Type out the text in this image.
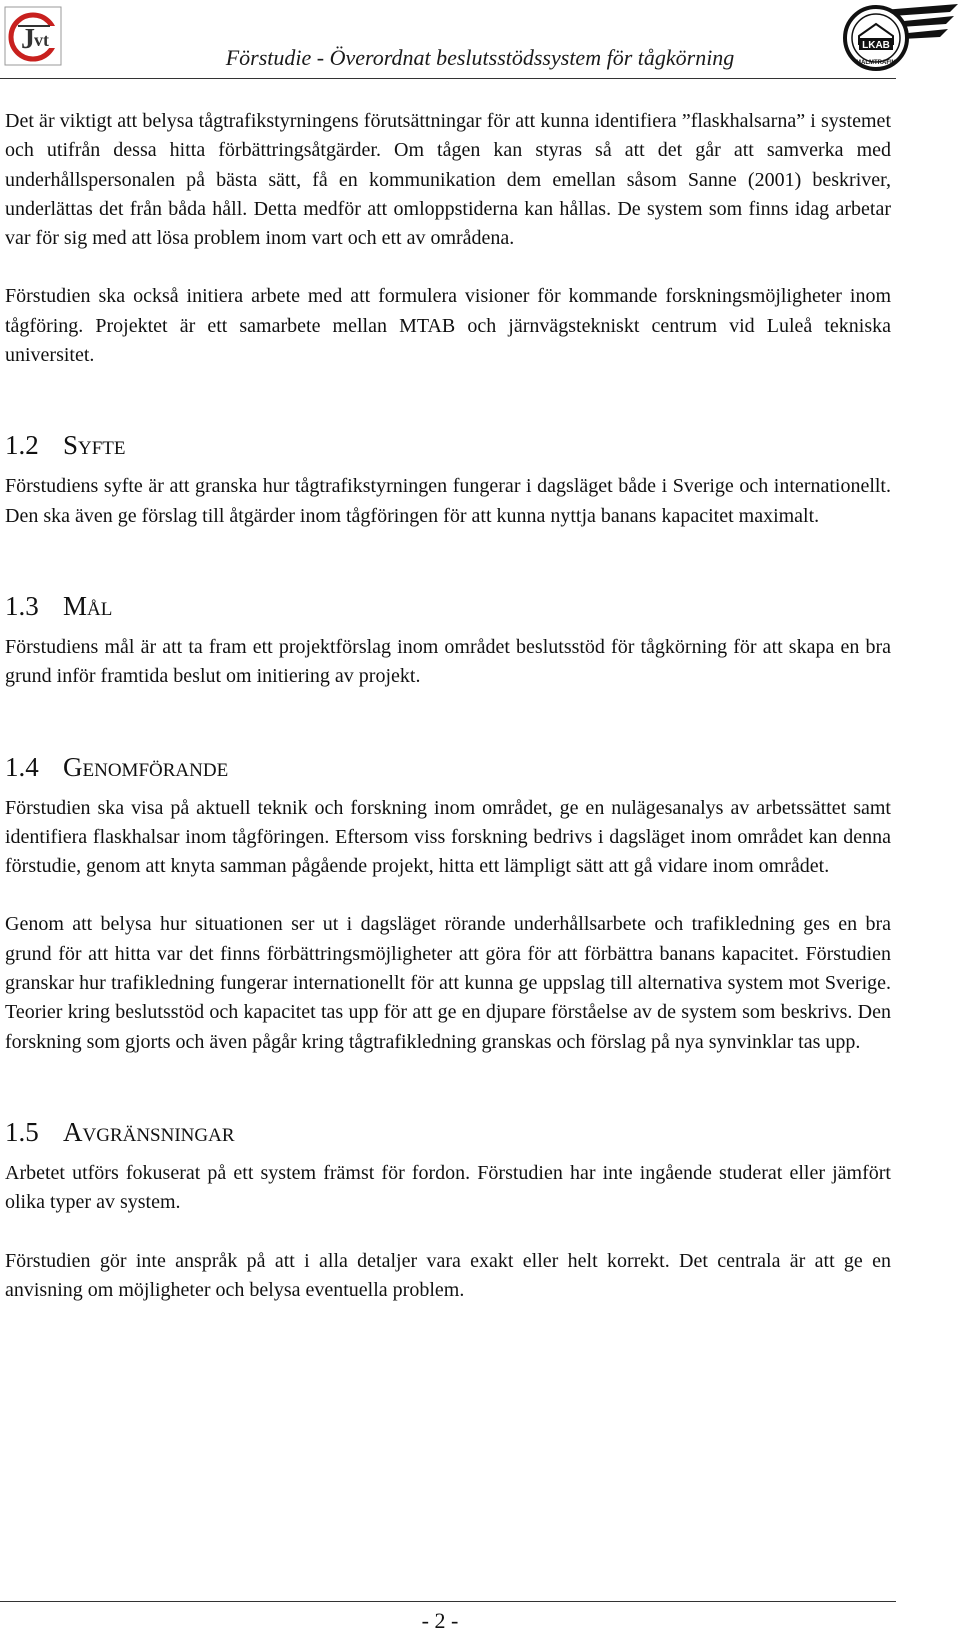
J vt
Förstudie - Överordnat beslutsstödssystem för tågkörning	LKAB
MALMTRAFIK

Det är viktigt att belysa tågtrafikstyrningens förutsättningar för att kunna identifiera ”flaskhalsarna” i systemet och utifrån dessa hitta förbättringsåtgärder. Om tågen kan styras så att det går att samverka med underhållspersonalen på bästa sätt, få en kommunikation dem emellan såsom Sanne (2001) beskriver, underlättas det från båda håll. Detta medför att omloppstiderna kan hållas. De system som finns idag arbetar var för sig med att lösa problem inom vart och ett av områdena.

Förstudien ska också initiera arbete med att formulera visioner för kommande forskningsmöjligheter inom tågföring. Projektet är ett samarbete mellan MTAB och järnvägstekniskt centrum vid Luleå tekniska universitet.

1.2 Syfte

Förstudiens syfte är att granska hur tågtrafikstyrningen fungerar i dagsläget både i Sverige och internationellt. Den ska även ge förslag till åtgärder inom tågföringen för att kunna nyttja banans kapacitet maximalt.

1.3 Mål

Förstudiens mål är att ta fram ett projektförslag inom området beslutsstöd för tågkörning för att skapa en bra grund inför framtida beslut om initiering av projekt.

1.4 Genomförande

Förstudien ska visa på aktuell teknik och forskning inom området, ge en nulägesanalys av arbetssättet samt identifiera flaskhalsar inom tågföringen. Eftersom viss forskning bedrivs i dagsläget inom området kan denna förstudie, genom att knyta samman pågående projekt, hitta ett lämpligt sätt att gå vidare inom området.

Genom att belysa hur situationen ser ut i dagsläget rörande underhållsarbete och trafikledning ges en bra grund för att hitta var det finns förbättringsmöjligheter att göra för att förbättra banans kapacitet. Förstudien granskar hur trafikledning fungerar internationellt för att kunna ge uppslag till alternativa system mot Sverige. Teorier kring beslutsstöd och kapacitet tas upp för att ge en djupare förståelse av de system som beskrivs. Den forskning som gjorts och även pågår kring tågtrafikledning granskas och förslag på nya synvinklar tas upp.

1.5 Avgränsningar

Arbetet utförs fokuserat på ett system främst för fordon. Förstudien har inte ingående studerat eller jämfört olika typer av system.

Förstudien gör inte anspråk på att i alla detaljer vara exakt eller helt korrekt. Det centrala är att ge en anvisning om möjligheter och belysa eventuella problem.

- 2 -
